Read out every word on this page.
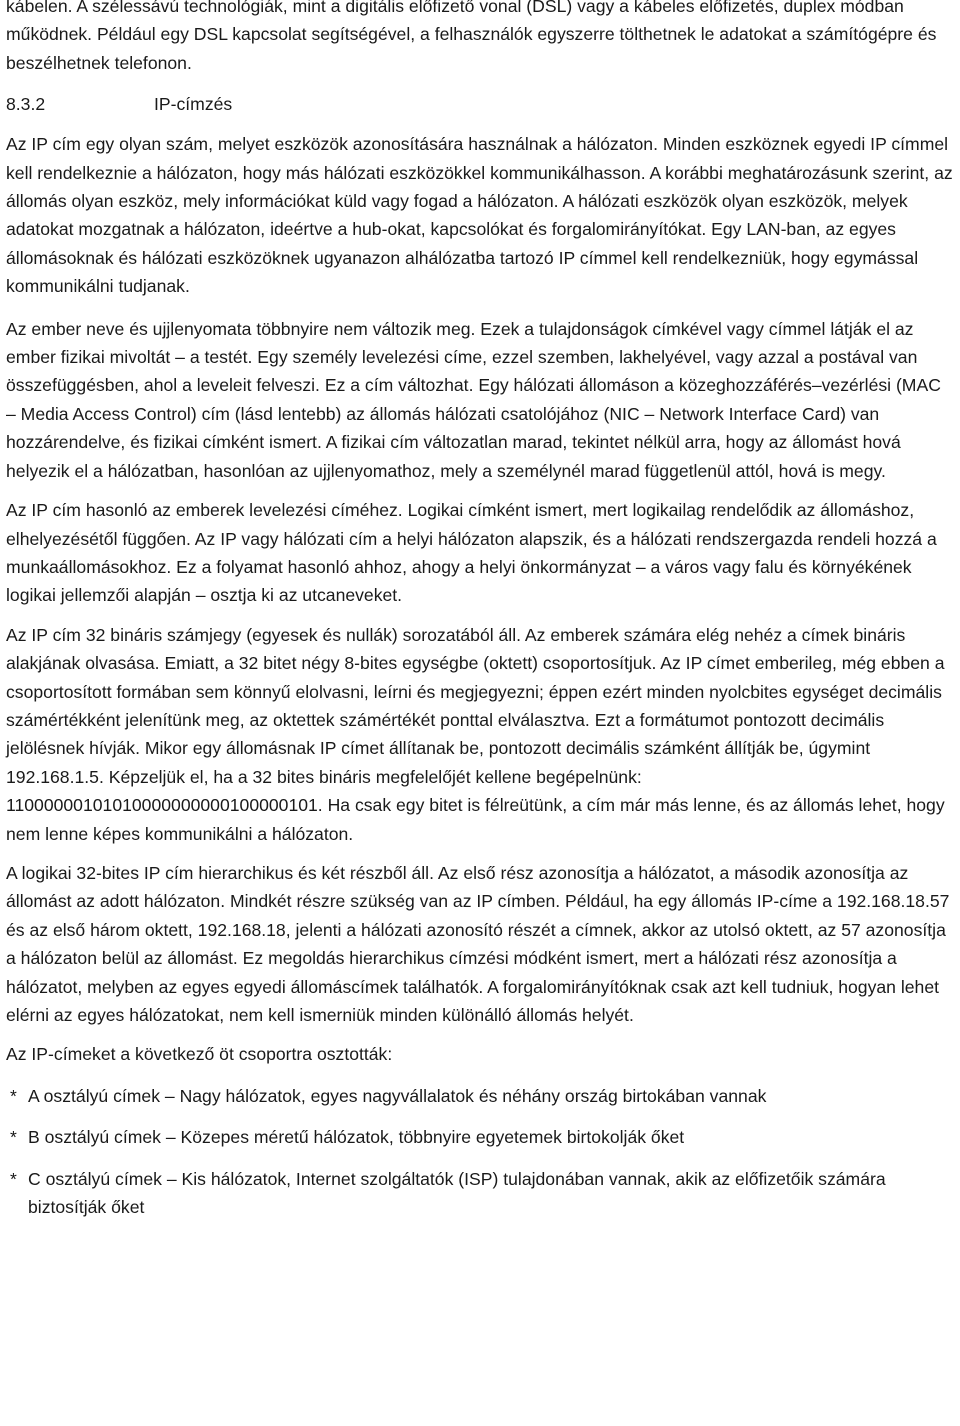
kábelen. A szélessávú technológiák, mint a digitális előfizető vonal (DSL) vagy a kábeles előfizetés, duplex módban működnek. Például egy DSL kapcsolat segítségével, a felhasználók egyszerre tölthetnek le adatokat a számítógépre és beszélhetnek telefonon.

8.3.2	IP-címzés

Az IP cím egy olyan szám, melyet eszközök azonosítására használnak a hálózaton. Minden eszköznek egyedi IP címmel kell rendelkeznie a hálózaton, hogy más hálózati eszközökkel kommunikálhasson. A korábbi meghatározásunk szerint, az állomás olyan eszköz, mely információkat küld vagy fogad a hálózaton. A hálózati eszközök olyan eszközök, melyek adatokat mozgatnak a hálózaton, ideértve a hub-okat, kapcsolókat és forgalomirányítókat. Egy LAN-ban, az egyes állomásoknak és hálózati eszközöknek ugyanazon alhálózatba tartozó IP címmel kell rendelkezniük, hogy egymással kommunikálni tudjanak.

Az ember neve és ujjlenyomata többnyire nem változik meg. Ezek a tulajdonságok címkével vagy címmel látják el az ember fizikai mivoltát – a testét. Egy személy levelezési címe, ezzel szemben, lakhelyével, vagy azzal a postával van összefüggésben, ahol a leveleit felveszi. Ez a cím változhat. Egy hálózati állomáson a közeghozzáférés–vezérlési (MAC – Media Access Control) cím (lásd lentebb) az állomás hálózati csatolójához (NIC – Network Interface Card) van hozzárendelve, és fizikai címként ismert. A fizikai cím változatlan marad, tekintet nélkül arra, hogy az állomást hová helyezik el a hálózatban, hasonlóan az ujjlenyomathoz, mely a személynél marad függetlenül attól, hová is megy.

Az IP cím hasonló az emberek levelezési címéhez. Logikai címként ismert, mert logikailag rendelődik az állomáshoz, elhelyezésétől függően. Az IP vagy hálózati cím a helyi hálózaton alapszik, és a hálózati rendszergazda rendeli hozzá a munkaállomásokhoz. Ez a folyamat hasonló ahhoz, ahogy a helyi önkormányzat – a város vagy falu és környékének logikai jellemzői alapján – osztja ki az utcaneveket.

Az IP cím 32 bináris számjegy (egyesek és nullák) sorozatából áll. Az emberek számára elég nehéz a címek bináris alakjának olvasása. Emiatt, a 32 bitet négy 8-bites egységbe (oktett) csoportosítjuk. Az IP címet emberileg, még ebben a csoportosított formában sem könnyű elolvasni, leírni és megjegyezni; éppen ezért minden nyolcbites egységet decimális számértékként jelenítünk meg, az oktettek számértékét ponttal elválasztva. Ezt a formátumot pontozott decimális jelölésnek hívják. Mikor egy állomásnak IP címet állítanak be, pontozott decimális számként állítják be, úgymint 192.168.1.5. Képzeljük el, ha a 32 bites bináris megfelelőjét kellene begépelnünk: 11000000101010000000000100000101. Ha csak egy bitet is félreütünk, a cím már más lenne, és az állomás lehet, hogy nem lenne képes kommunikálni a hálózaton.

A logikai 32-bites IP cím hierarchikus és két részből áll. Az első rész azonosítja a hálózatot, a második azonosítja az állomást az adott hálózaton. Mindkét részre szükség van az IP címben. Például, ha egy állomás IP-címe a 192.168.18.57 és az első három oktett, 192.168.18, jelenti a hálózati azonosító részét a címnek, akkor az utolsó oktett, az 57 azonosítja a hálózaton belül az állomást. Ez megoldás hierarchikus címzési módként ismert, mert a hálózati rész azonosítja a hálózatot, melyben az egyes egyedi állomáscímek találhatók. A forgalomirányítóknak csak azt kell tudniuk, hogyan lehet elérni az egyes hálózatokat, nem kell ismerniük minden különálló állomás helyét.

Az IP-címeket a következő öt csoportra osztották:

* A osztályú címek – Nagy hálózatok, egyes nagyvállalatok és néhány ország birtokában vannak

* B osztályú címek – Közepes méretű hálózatok, többnyire egyetemek birtokolják őket

* C osztályú címek – Kis hálózatok, Internet szolgáltatók (ISP) tulajdonában vannak, akik az előfizetőik számára biztosítják őket
